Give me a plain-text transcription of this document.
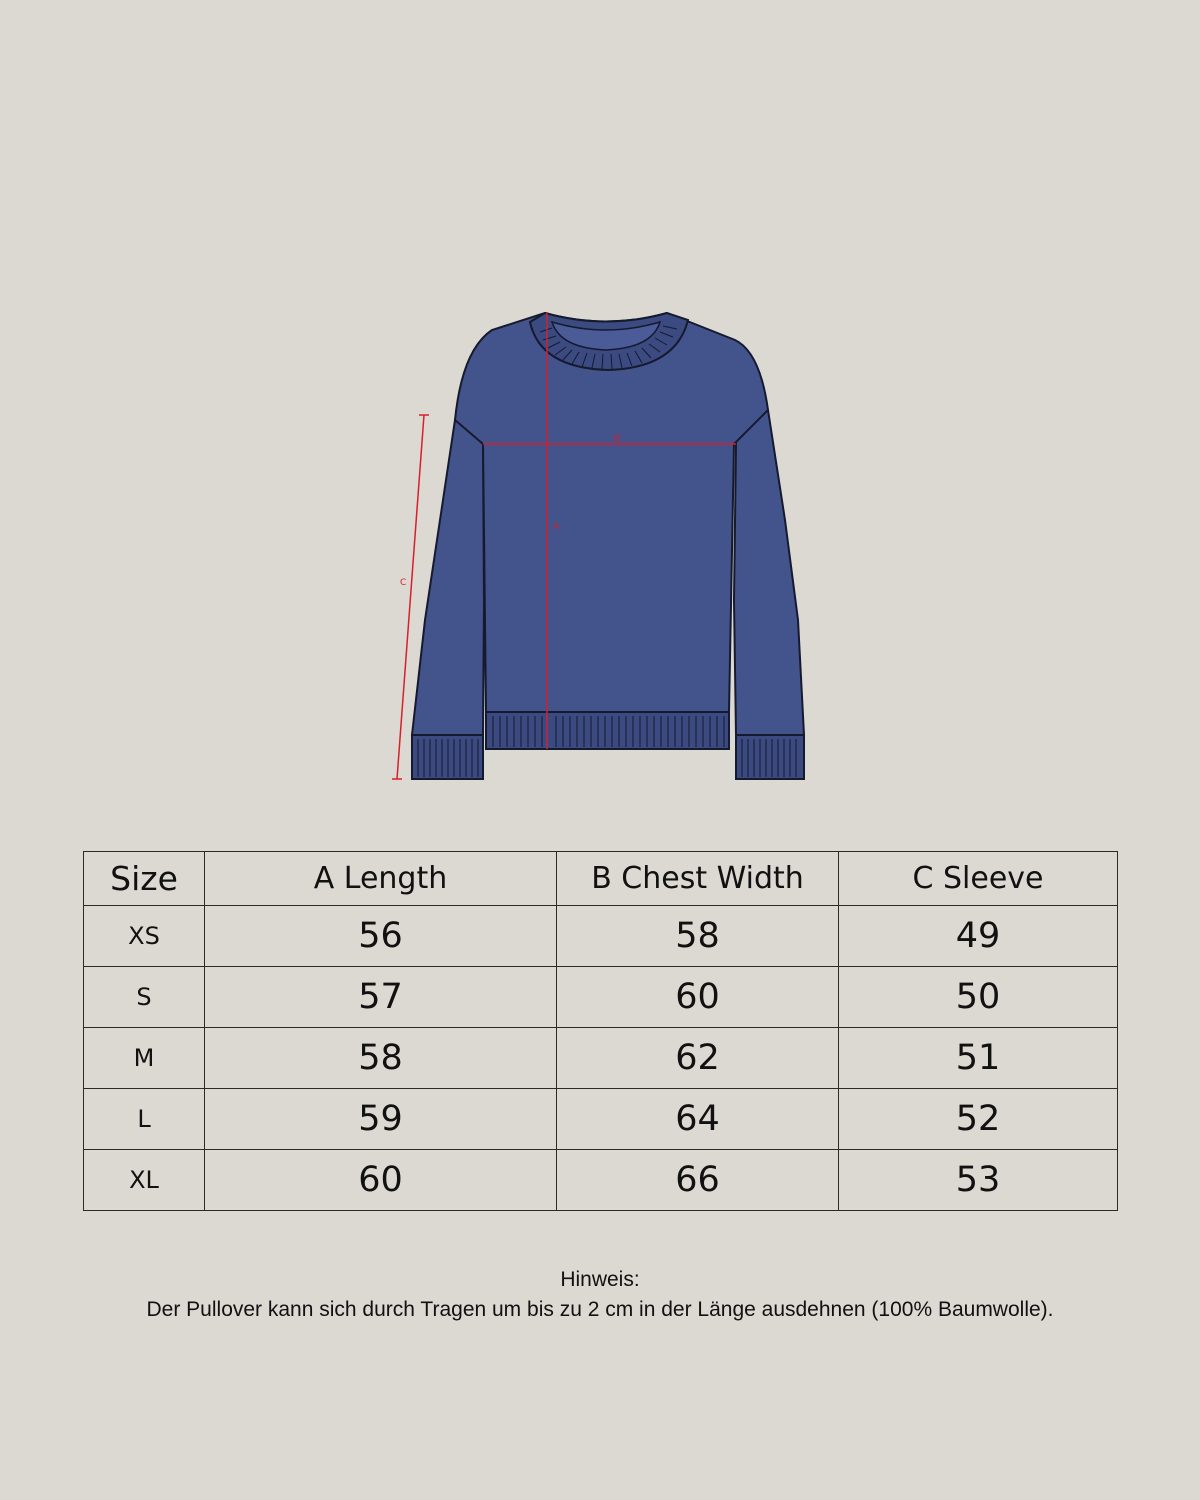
A
B
C
Size	A Length	B Chest Width	C Sleeve
XS	56	58	49
S	57	60	50
M	58	62	51
L	59	64	52
XL	60	66	53
Hinweis:
Der Pullover kann sich durch Tragen um bis zu 2 cm in der Länge ausdehnen (100% Baumwolle).
